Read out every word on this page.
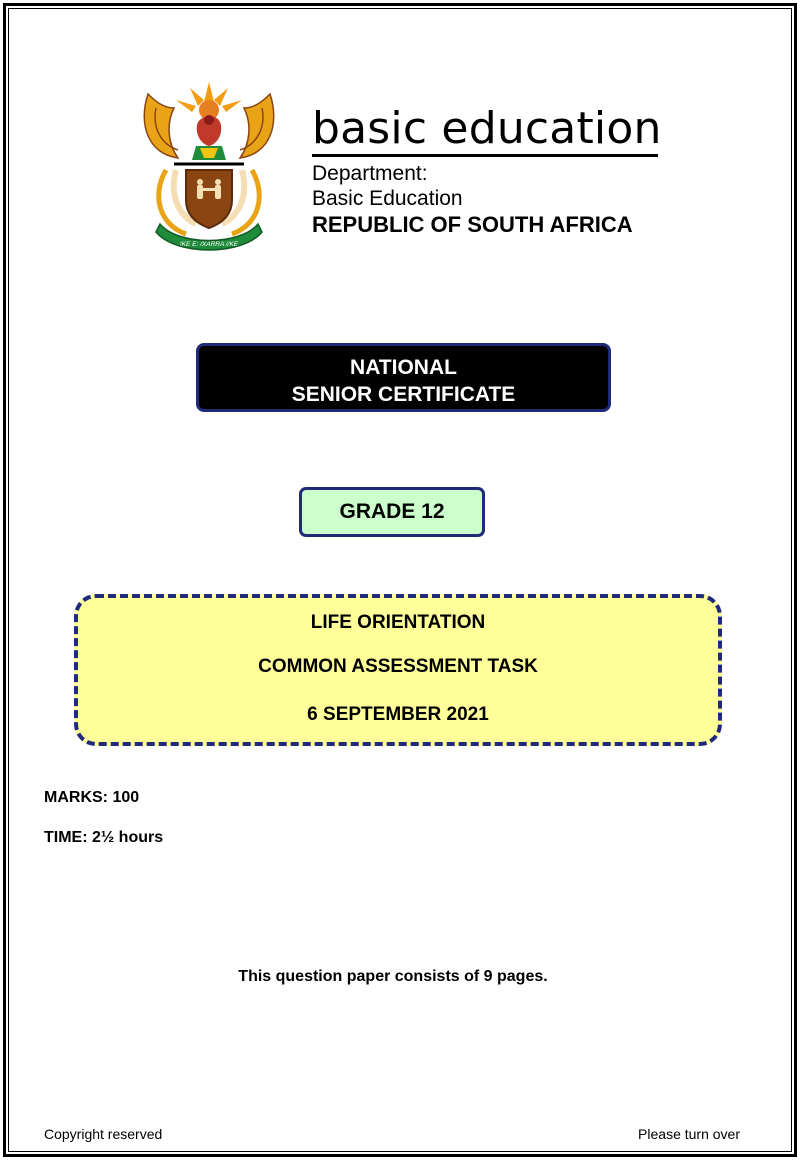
!KE E: /XARRA //KE
basic education
Department:
Basic Education
REPUBLIC OF SOUTH AFRICA
NATIONAL
SENIOR CERTIFICATE
GRADE 12
LIFE ORIENTATION
COMMON ASSESSMENT TASK
6 SEPTEMBER 2021
MARKS: 100
TIME: 2½ hours
This question paper consists of 9 pages.
Copyright reserved	Please turn over
